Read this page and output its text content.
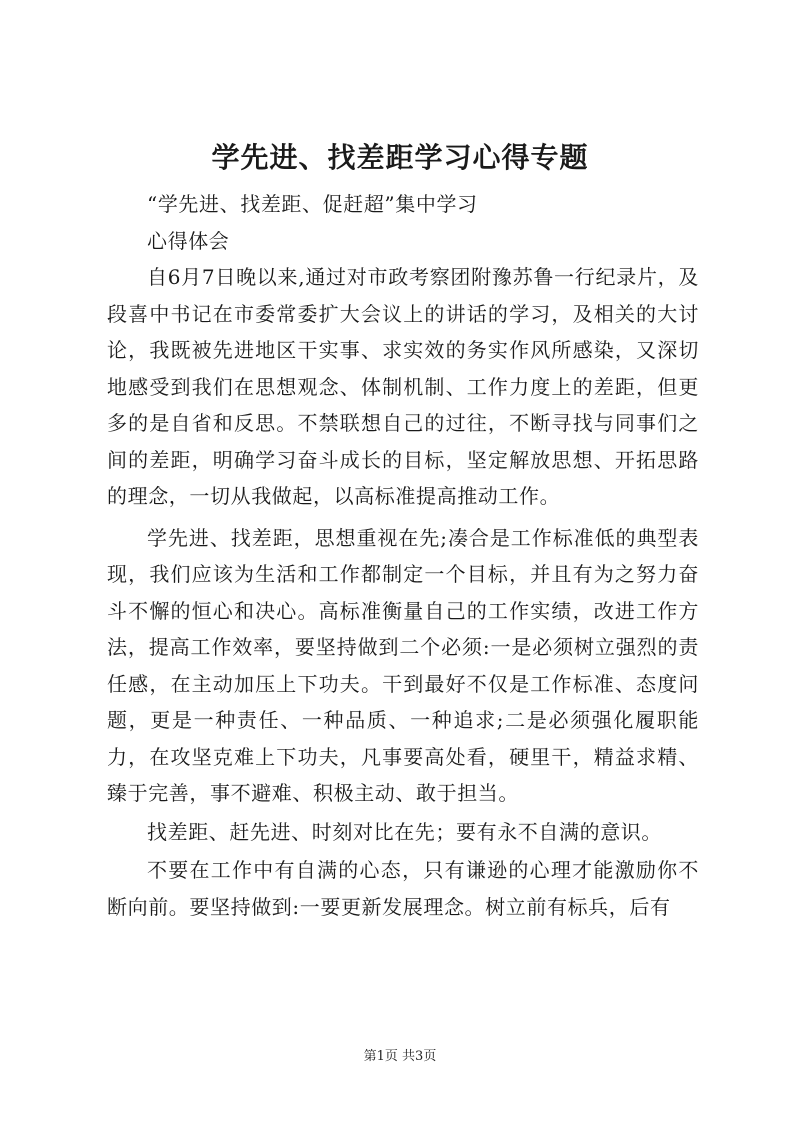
学先进、找差距学习心得专题

“学先进、找差距、促赶超”集中学习

心得体会

自6月7日晚以来,通过对市政考察团附豫苏鲁一行纪录片，及段喜中书记在市委常委扩大会议上的讲话的学习，及相关的大讨论，我既被先进地区干实事、求实效的务实作风所感染，又深切地感受到我们在思想观念、体制机制、工作力度上的差距，但更多的是自省和反思。不禁联想自己的过往，不断寻找与同事们之间的差距，明确学习奋斗成长的目标，坚定解放思想、开拓思路的理念，一切从我做起，以高标准提高推动工作。

学先进、找差距，思想重视在先;凑合是工作标准低的典型表现，我们应该为生活和工作都制定一个目标，并且有为之努力奋斗不懈的恒心和决心。高标准衡量自己的工作实绩，改进工作方法，提高工作效率，要坚持做到二个必须:一是必须树立强烈的责任感，在主动加压上下功夫。干到最好不仅是工作标准、态度问题，更是一种责任、一种品质、一种追求;二是必须强化履职能力，在攻坚克难上下功夫，凡事要高处看，硬里干，精益求精、臻于完善，事不避难、积极主动、敢于担当。

找差距、赶先进、时刻对比在先；要有永不自满的意识。

不要在工作中有自满的心态，只有谦逊的心理才能激励你不断向前。要坚持做到:一要更新发展理念。树立前有标兵，后有

第1页 共3页
